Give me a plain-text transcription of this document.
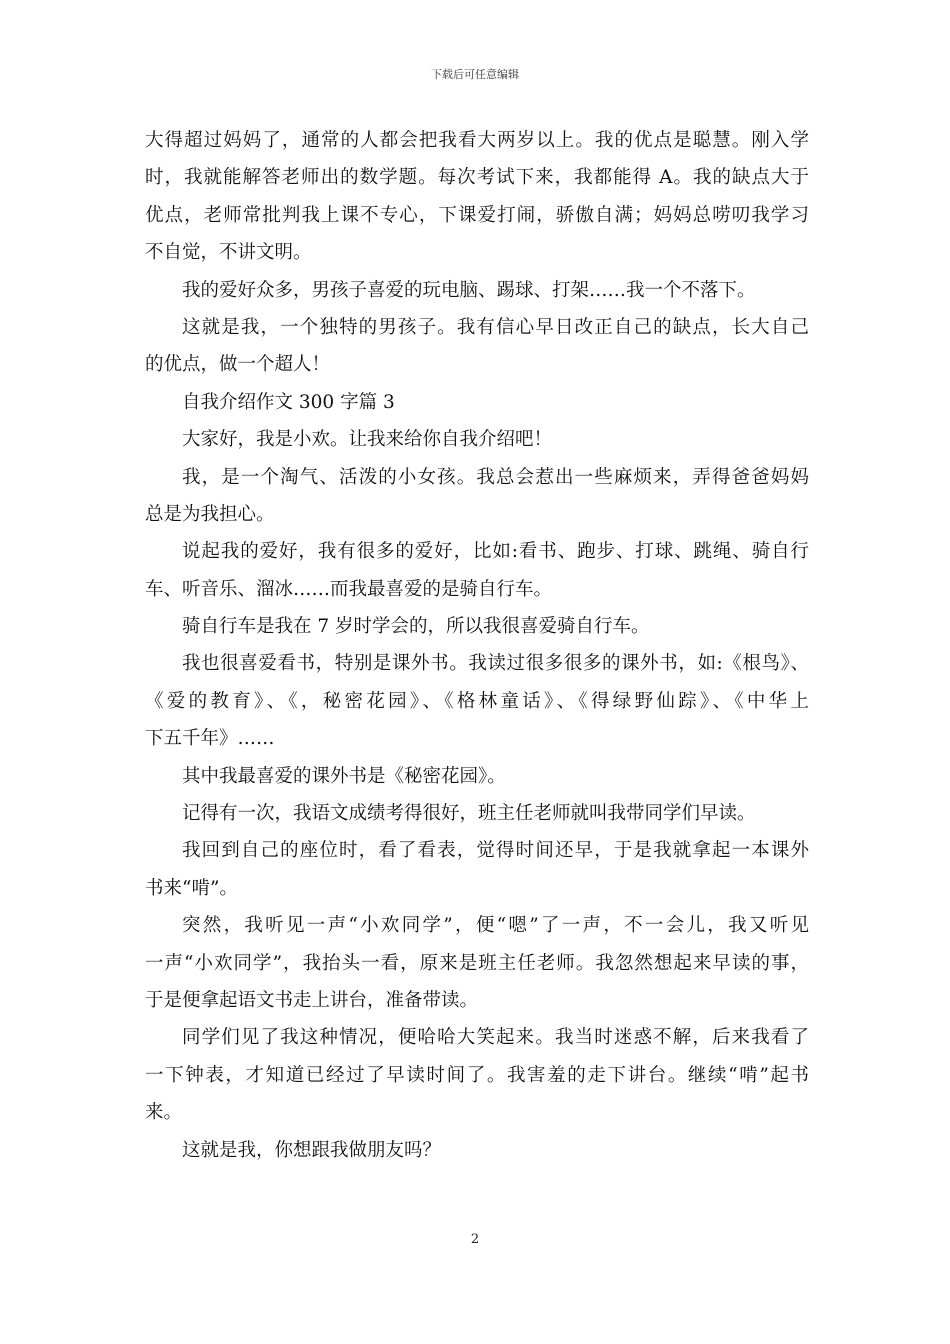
下载后可任意编辑
大得超过妈妈了，通常的人都会把我看大两岁以上。我的优点是聪慧。刚入学
时，我就能解答老师出的数学题。每次考试下来，我都能得 A。我的缺点大于
优点，老师常批判我上课不专心，下课爱打闹，骄傲自满；妈妈总唠叨我学习
不自觉，不讲文明。
我的爱好众多，男孩子喜爱的玩电脑、踢球、打架……我一个不落下。
这就是我，一个独特的男孩子。我有信心早日改正自己的缺点，长大自己
的优点，做一个超人！
自我介绍作文 300 字篇 3
大家好，我是小欢。让我来给你自我介绍吧！
我，是一个淘气、活泼的小女孩。我总会惹出一些麻烦来，弄得爸爸妈妈
总是为我担心。
说起我的爱好，我有很多的爱好，比如:看书、跑步、打球、跳绳、骑自行
车、听音乐、溜冰……而我最喜爱的是骑自行车。
骑自行车是我在 7 岁时学会的，所以我很喜爱骑自行车。
我也很喜爱看书，特别是课外书。我读过很多很多的课外书，如:《根鸟》、
《爱的教育》、《，秘密花园》、《格林童话》、《得绿野仙踪》、《中华上
下五千年》……
其中我最喜爱的课外书是《秘密花园》。
记得有一次，我语文成绩考得很好，班主任老师就叫我带同学们早读。
我回到自己的座位时，看了看表，觉得时间还早，于是我就拿起一本课外
书来“啃”。
突然，我听见一声“小欢同学”，便“嗯”了一声，不一会儿，我又听见
一声“小欢同学”，我抬头一看，原来是班主任老师。我忽然想起来早读的事，
于是便拿起语文书走上讲台，准备带读。
同学们见了我这种情况，便哈哈大笑起来。我当时迷惑不解，后来我看了
一下钟表，才知道已经过了早读时间了。我害羞的走下讲台。继续“啃”起书
来。
这就是我，你想跟我做朋友吗？
2
